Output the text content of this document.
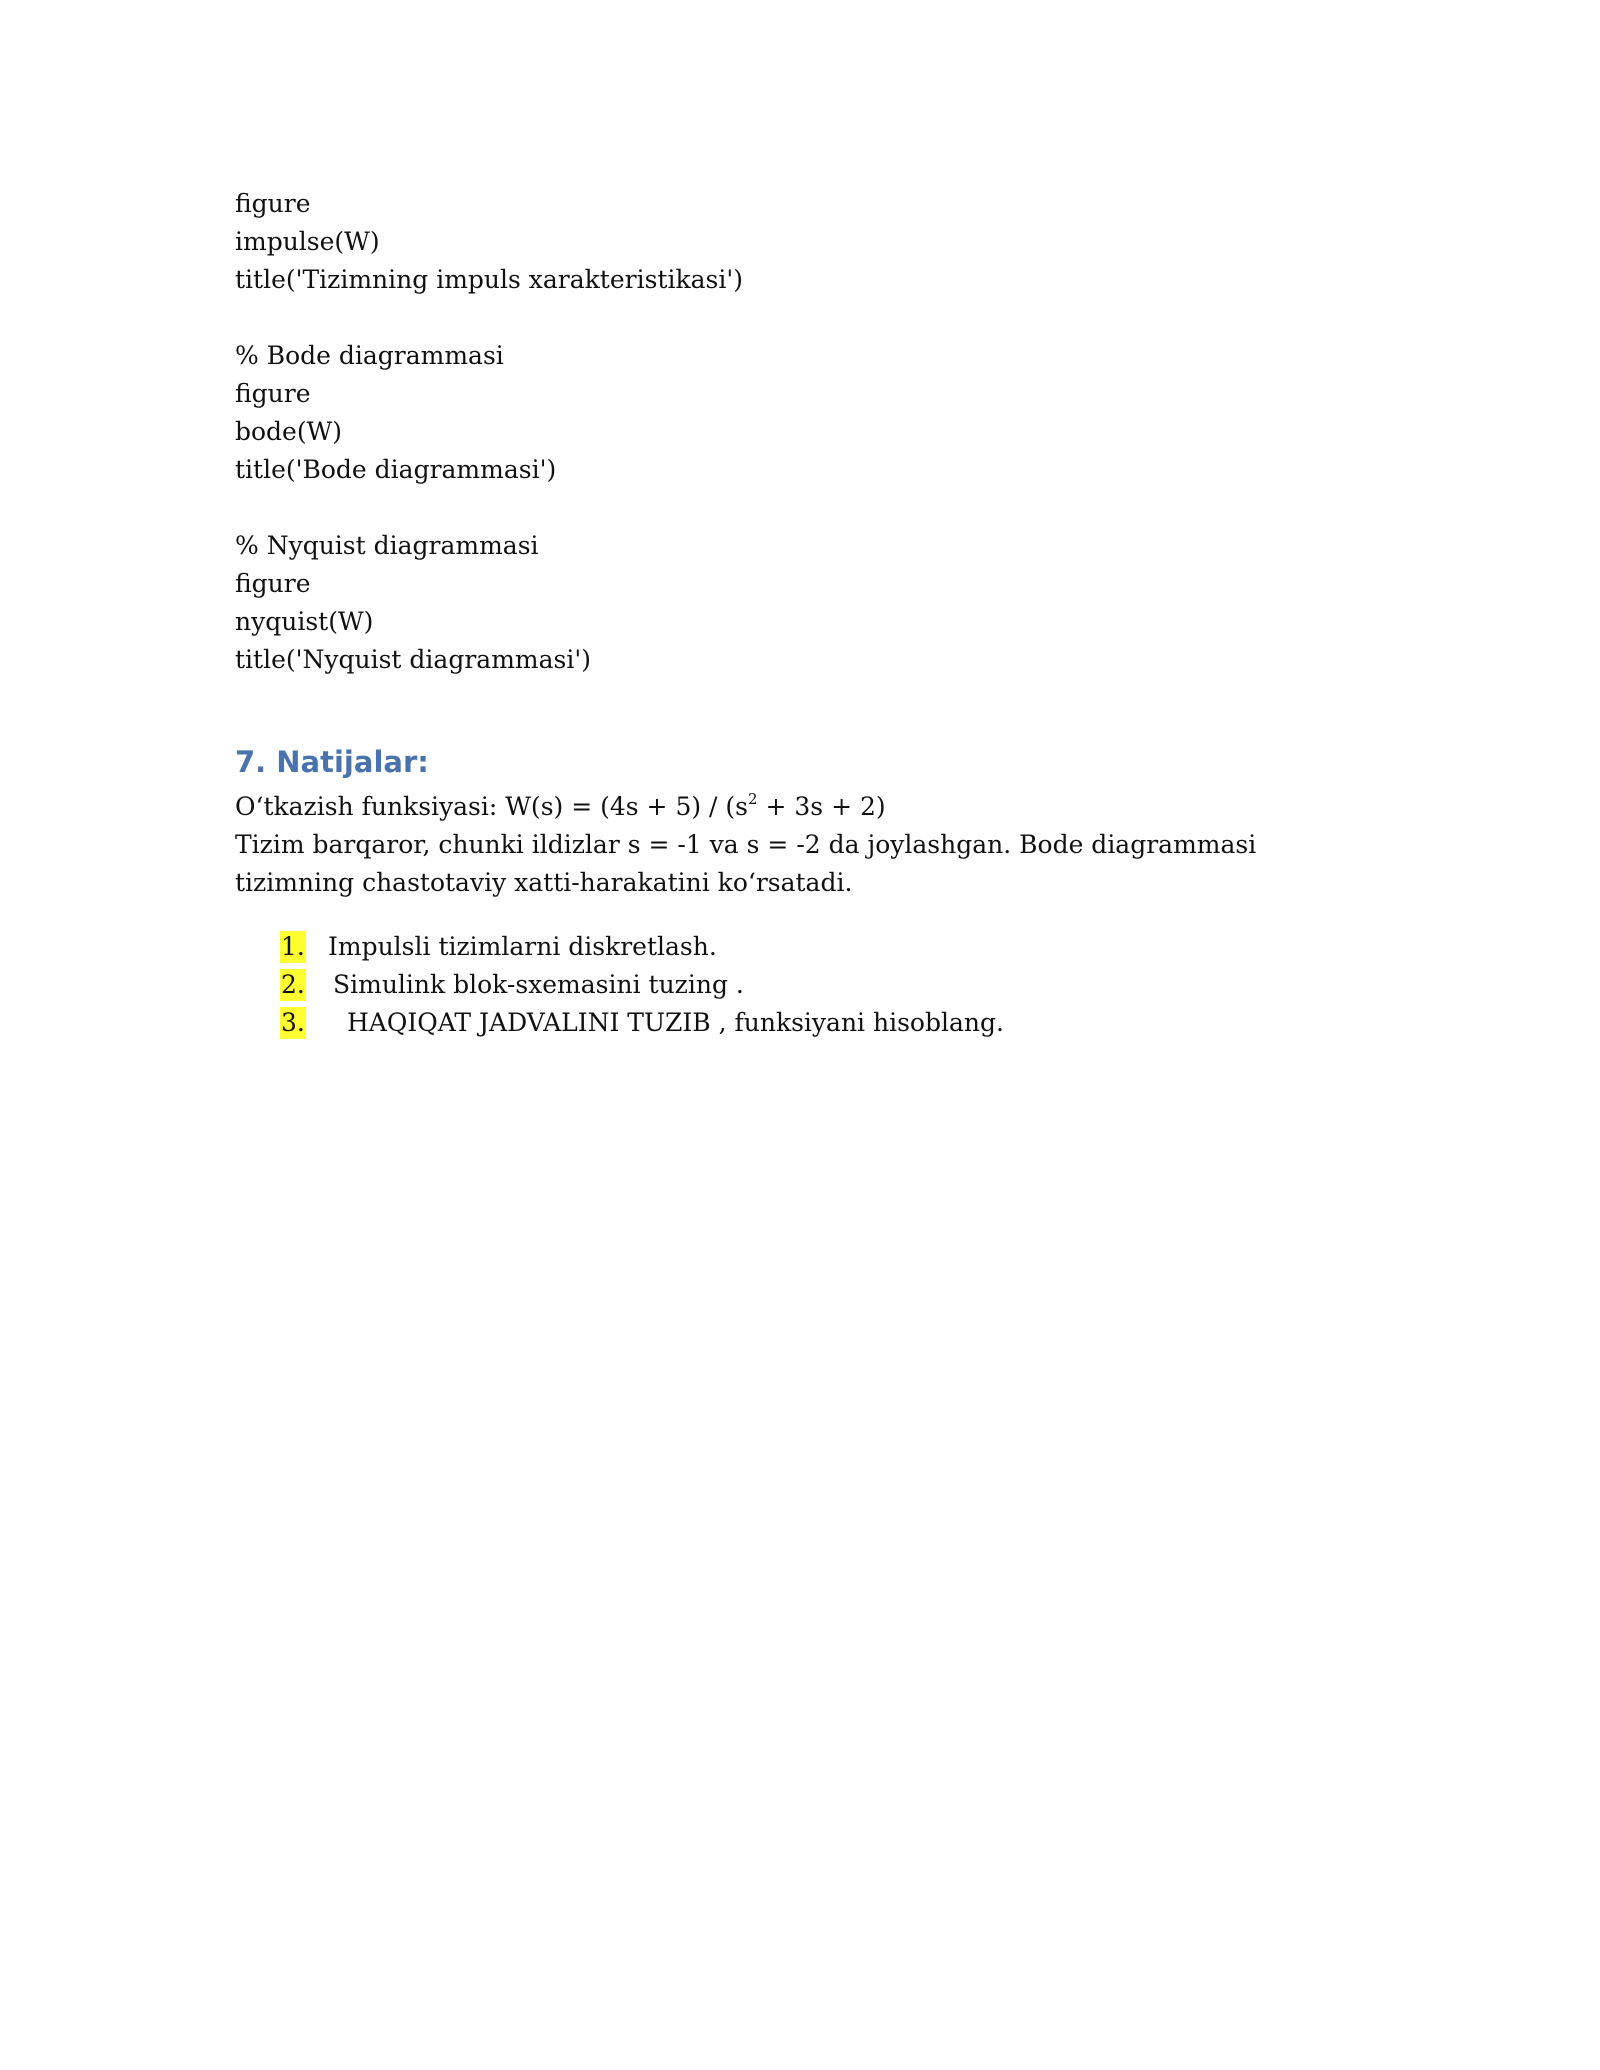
figure
impulse(W)
title('Tizimning impuls xarakteristikasi')
% Bode diagrammasi
figure
bode(W)
title('Bode diagrammasi')
% Nyquist diagrammasi
figure
nyquist(W)
title('Nyquist diagrammasi')
7. Natijalar:
O‘tkazish funksiyasi: $W(s) = (4s + 5) / (s^2 + 3s + 2)$
Tizim barqaror, chunki ildizlar s = -1 va s = -2 da joylashgan. Bode diagrammasi tizimning chastotaviy xatti-harakatini ko‘rsatadi.
1. Impulsli tizimlarni diskretlash.
2. Simulink blok-sxemasini tuzing .
3. HAQIQAT JADVALINI TUZIB , funksiyani hisoblang.
